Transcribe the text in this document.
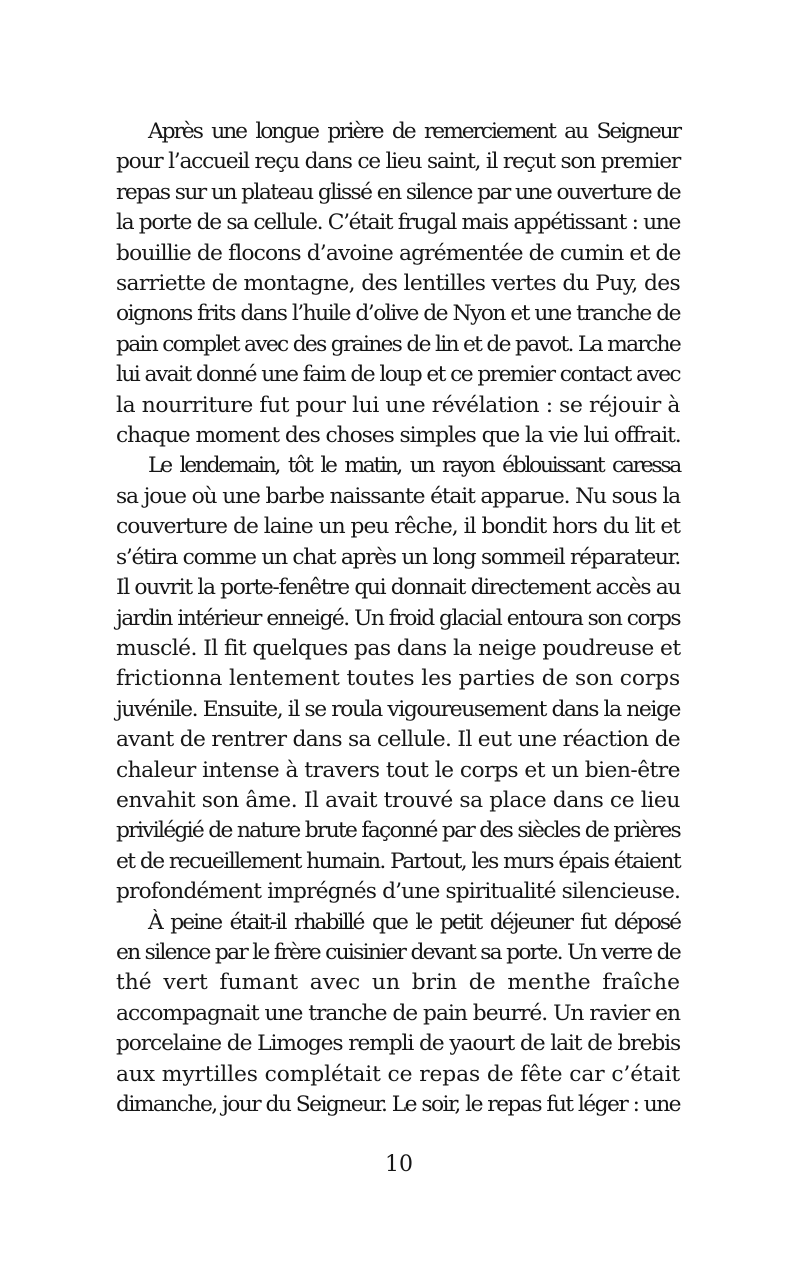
Après une longue prière de remerciement au Seigneur
pour l’accueil reçu dans ce lieu saint, il reçut son premier
repas sur un plateau glissé en silence par une ouverture de
la porte de sa cellule. C’était frugal mais appétissant : une
bouillie de flocons d’avoine agrémentée de cumin et de
sarriette de montagne, des lentilles vertes du Puy, des
oignons frits dans l’huile d’olive de Nyon et une tranche de
pain complet avec des graines de lin et de pavot. La marche
lui avait donné une faim de loup et ce premier contact avec
la nourriture fut pour lui une révélation : se réjouir à
chaque moment des choses simples que la vie lui offrait.

Le lendemain, tôt le matin, un rayon éblouissant caressa
sa joue où une barbe naissante était apparue. Nu sous la
couverture de laine un peu rêche, il bondit hors du lit et
s’étira comme un chat après un long sommeil réparateur.
Il ouvrit la porte-fenêtre qui donnait directement accès au
jardin intérieur enneigé. Un froid glacial entoura son corps
musclé. Il fit quelques pas dans la neige poudreuse et
frictionna lentement toutes les parties de son corps
juvénile. Ensuite, il se roula vigoureusement dans la neige
avant de rentrer dans sa cellule. Il eut une réaction de
chaleur intense à travers tout le corps et un bien-être
envahit son âme. Il avait trouvé sa place dans ce lieu
privilégié de nature brute façonné par des siècles de prières
et de recueillement humain. Partout, les murs épais étaient
profondément imprégnés d’une spiritualité silencieuse.

À peine était-il rhabillé que le petit déjeuner fut déposé
en silence par le frère cuisinier devant sa porte. Un verre de
thé vert fumant avec un brin de menthe fraîche
accompagnait une tranche de pain beurré. Un ravier en
porcelaine de Limoges rempli de yaourt de lait de brebis
aux myrtilles complétait ce repas de fête car c’était
dimanche, jour du Seigneur. Le soir, le repas fut léger : une

10
